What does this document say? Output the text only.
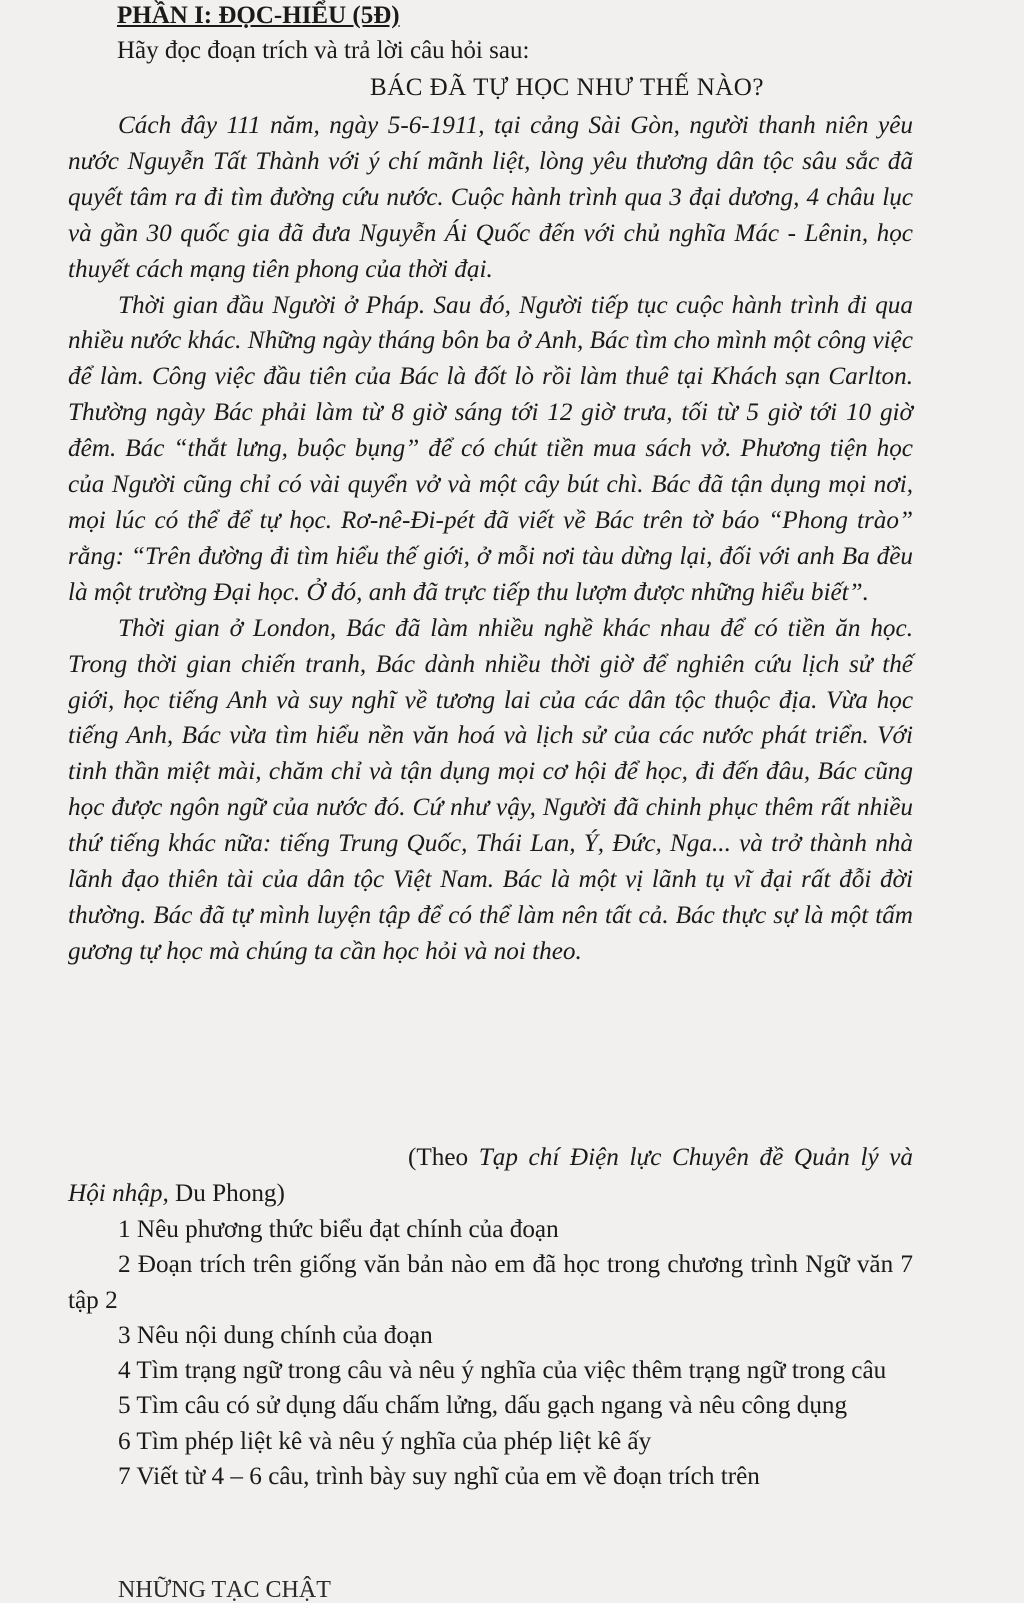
PHẦN I: ĐỌC-HIỂU (5Đ)
Hãy đọc đoạn trích và trả lời câu hỏi sau:
BÁC ĐÃ TỰ HỌC NHƯ THẾ NÀO?

Cách đây 111 năm, ngày 5-6-1911, tại cảng Sài Gòn, người thanh niên yêu nước Nguyễn Tất Thành với ý chí mãnh liệt, lòng yêu thương dân tộc sâu sắc đã quyết tâm ra đi tìm đường cứu nước. Cuộc hành trình qua 3 đại dương, 4 châu lục và gần 30 quốc gia đã đưa Nguyễn Ái Quốc đến với chủ nghĩa Mác - Lênin, học thuyết cách mạng tiên phong của thời đại.

Thời gian đầu Người ở Pháp. Sau đó, Người tiếp tục cuộc hành trình đi qua nhiều nước khác. Những ngày tháng bôn ba ở Anh, Bác tìm cho mình một công việc để làm. Công việc đầu tiên của Bác là đốt lò rồi làm thuê tại Khách sạn Carlton. Thường ngày Bác phải làm từ 8 giờ sáng tới 12 giờ trưa, tối từ 5 giờ tới 10 giờ đêm. Bác “thắt lưng, buộc bụng” để có chút tiền mua sách vở. Phương tiện học của Người cũng chỉ có vài quyển vở và một cây bút chì. Bác đã tận dụng mọi nơi, mọi lúc có thể để tự học. Rơ-nê-Đi-pét đã viết về Bác trên tờ báo “Phong trào” rằng: “Trên đường đi tìm hiểu thế giới, ở mỗi nơi tàu dừng lại, đối với anh Ba đều là một trường Đại học. Ở đó, anh đã trực tiếp thu lượm được những hiểu biết”.

Thời gian ở London, Bác đã làm nhiều nghề khác nhau để có tiền ăn học. Trong thời gian chiến tranh, Bác dành nhiều thời giờ để nghiên cứu lịch sử thế giới, học tiếng Anh và suy nghĩ về tương lai của các dân tộc thuộc địa. Vừa học tiếng Anh, Bác vừa tìm hiểu nền văn hoá và lịch sử của các nước phát triển. Với tinh thần miệt mài, chăm chỉ và tận dụng mọi cơ hội để học, đi đến đâu, Bác cũng học được ngôn ngữ của nước đó. Cứ như vậy, Người đã chinh phục thêm rất nhiều thứ tiếng khác nữa: tiếng Trung Quốc, Thái Lan, Ý, Đức, Nga... và trở thành nhà lãnh đạo thiên tài của dân tộc Việt Nam. Bác là một vị lãnh tụ vĩ đại rất đỗi đời thường. Bác đã tự mình luyện tập để có thể làm nên tất cả. Bác thực sự là một tấm gương tự học mà chúng ta cần học hỏi và noi theo.

(Theo Tạp chí Điện lực Chuyên đề Quản lý và Hội nhập, Du Phong)

1 Nêu phương thức biểu đạt chính của đoạn
2 Đoạn trích trên giống văn bản nào em đã học trong chương trình Ngữ văn 7 tập 2
3 Nêu nội dung chính của đoạn
4 Tìm trạng ngữ trong câu và nêu ý nghĩa của việc thêm trạng ngữ trong câu
5 Tìm câu có sử dụng dấu chấm lửng, dấu gạch ngang và nêu công dụng
6 Tìm phép liệt kê và nêu ý nghĩa của phép liệt kê ấy
7 Viết từ 4 – 6 câu, trình bày suy nghĩ của em về đoạn trích trên
NHỮNG TẠC CHẬT
